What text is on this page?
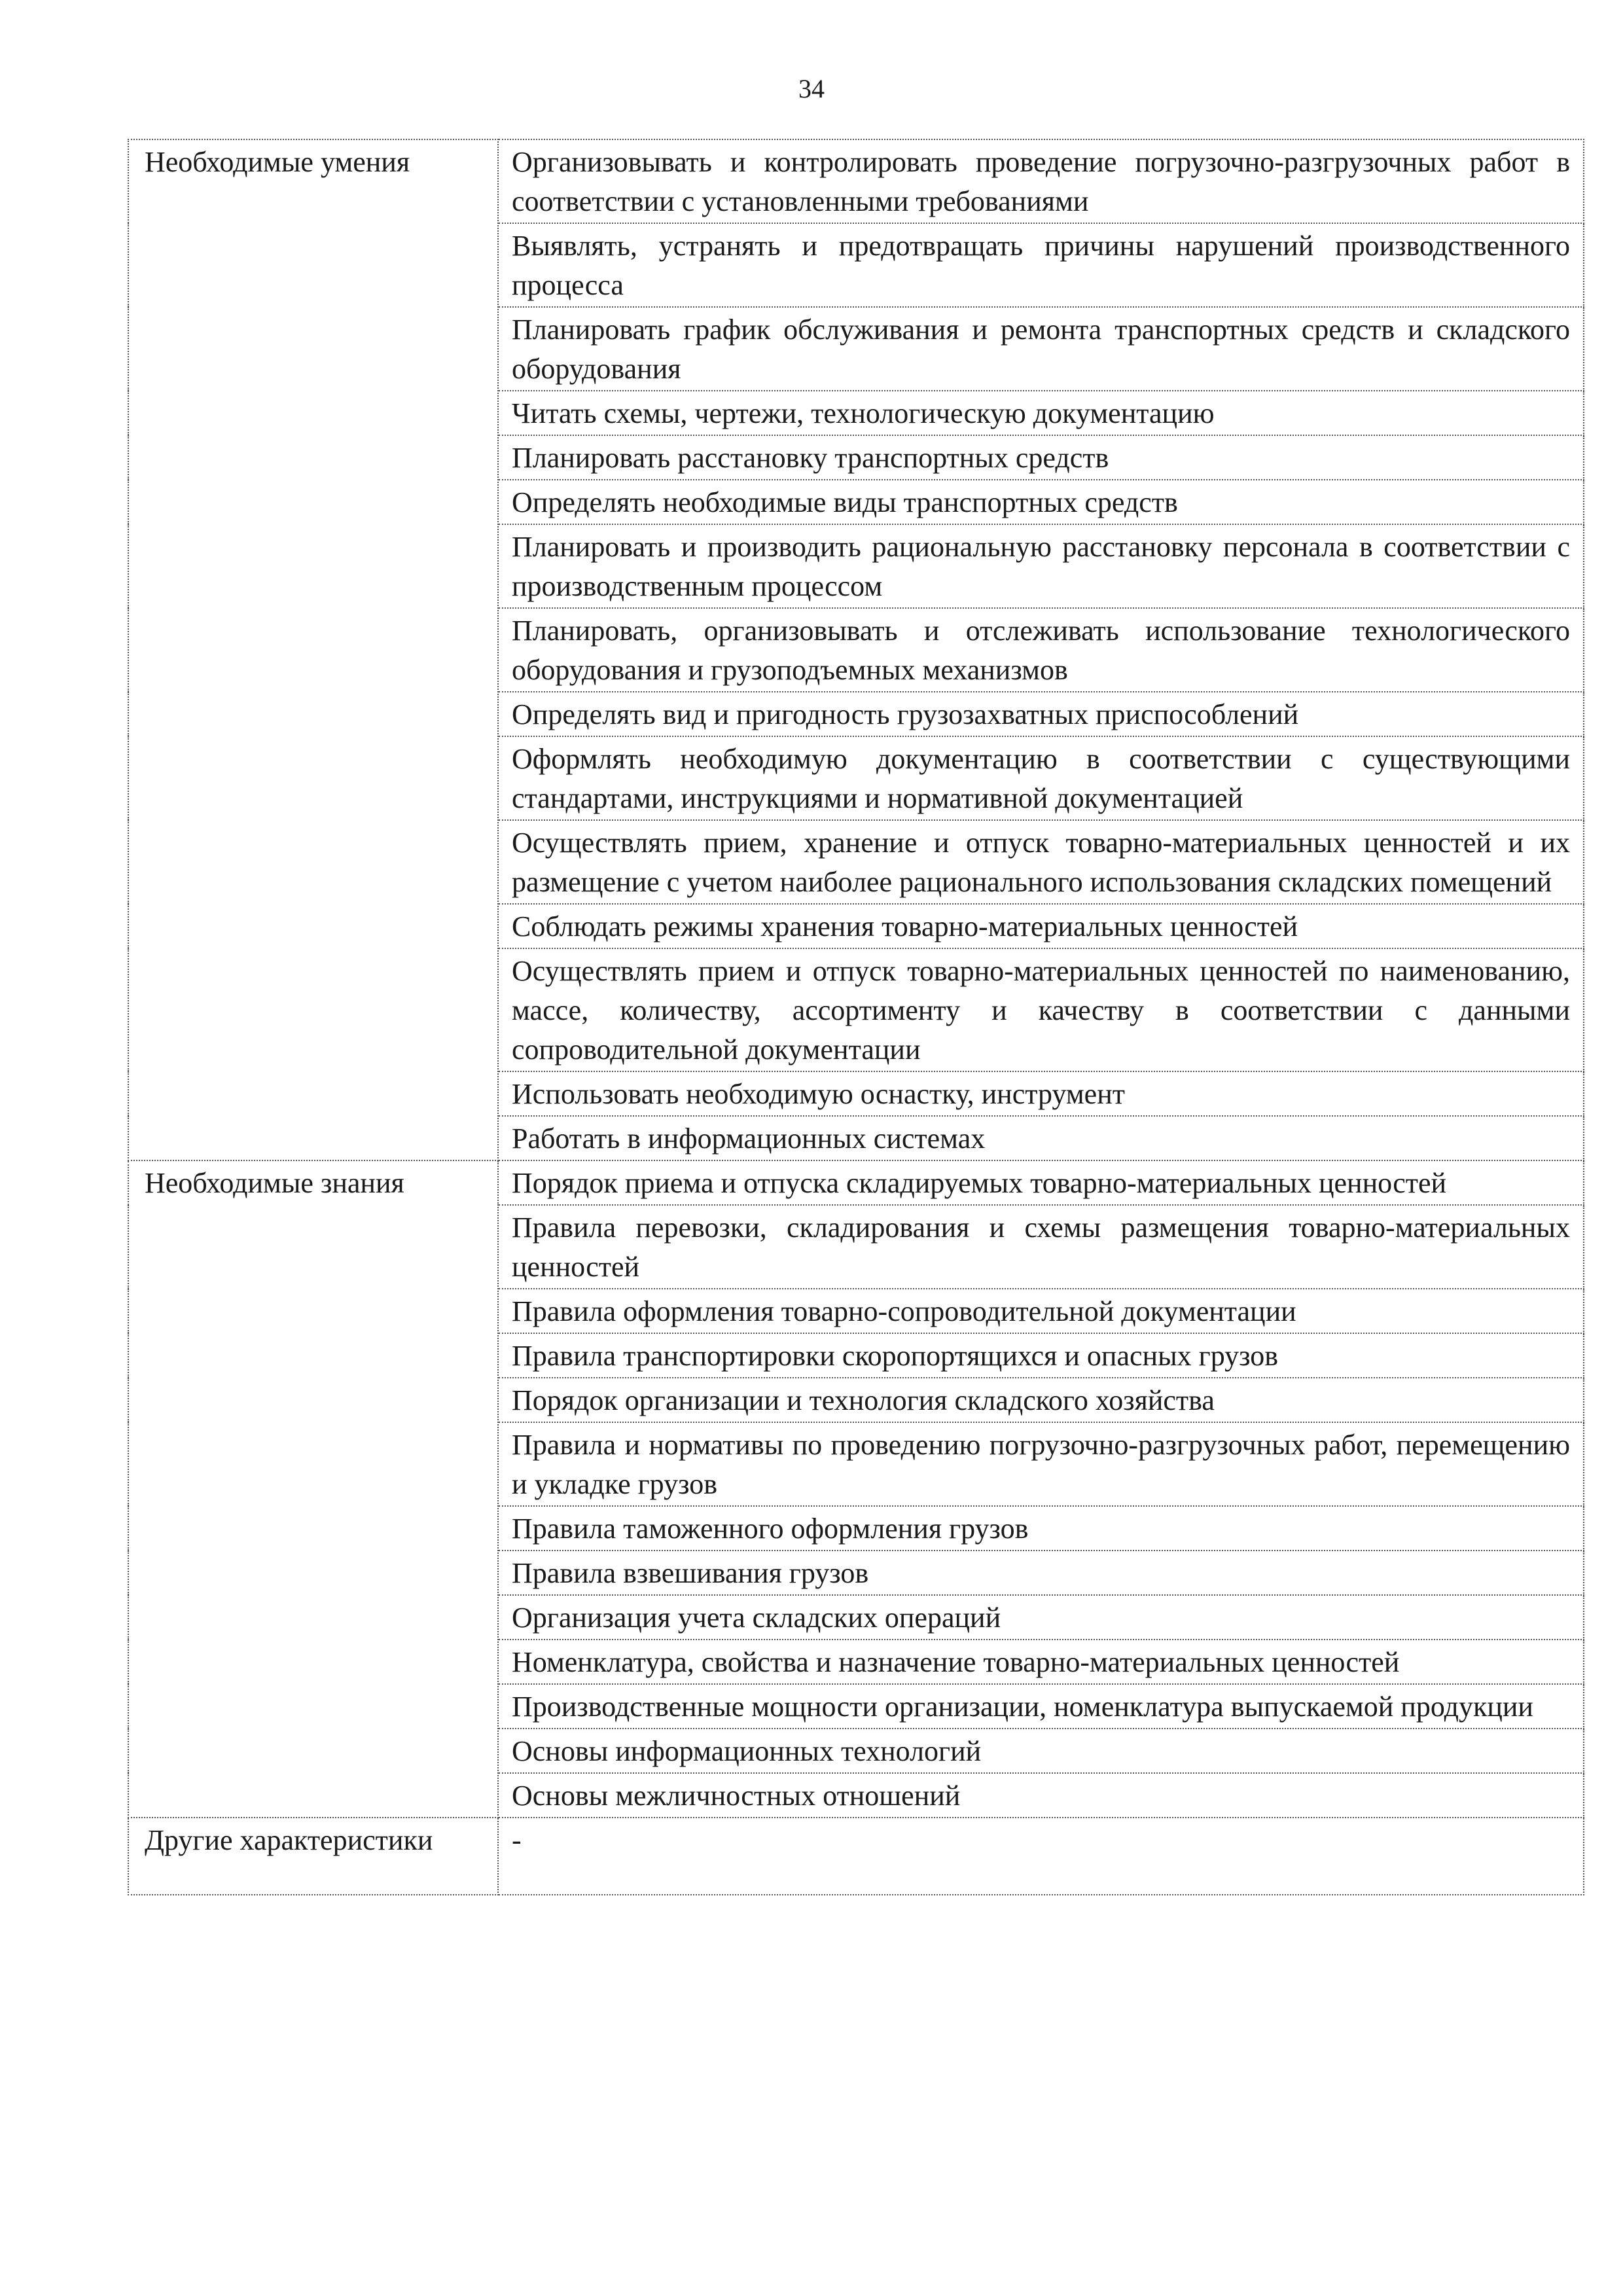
34
Необходимые умения	Организовывать и контролировать проведение погрузочно-разгрузочных работ в соответствии с установленными требованиями
	Выявлять, устранять и предотвращать причины нарушений производственного процесса
	Планировать график обслуживания и ремонта транспортных средств и складского оборудования
	Читать схемы, чертежи, технологическую документацию
	Планировать расстановку транспортных средств
	Определять необходимые виды транспортных средств
	Планировать и производить рациональную расстановку персонала в соответствии с производственным процессом
	Планировать, организовывать и отслеживать использование технологического оборудования и грузоподъемных механизмов
	Определять вид и пригодность грузозахватных приспособлений
	Оформлять необходимую документацию в соответствии с существующими стандартами, инструкциями и нормативной документацией
	Осуществлять прием, хранение и отпуск товарно-материальных ценностей и их размещение с учетом наиболее рационального использования складских помещений
	Соблюдать режимы хранения товарно-материальных ценностей
	Осуществлять прием и отпуск товарно-материальных ценностей по наименованию, массе, количеству, ассортименту и качеству в соответствии с данными сопроводительной документации
	Использовать необходимую оснастку, инструмент
	Работать в информационных системах
Необходимые знания	Порядок приема и отпуска складируемых товарно-материальных ценностей
	Правила перевозки, складирования и схемы размещения товарно-материальных ценностей
	Правила оформления товарно-сопроводительной документации
	Правила транспортировки скоропортящихся и опасных грузов
	Порядок организации и технология складского хозяйства
	Правила и нормативы по проведению погрузочно-разгрузочных работ, перемещению и укладке грузов
	Правила таможенного оформления грузов
	Правила взвешивания грузов
	Организация учета складских операций
	Номенклатура, свойства и назначение товарно-материальных ценностей
	Производственные мощности организации, номенклатура выпускаемой продукции
	Основы информационных технологий
	Основы межличностных отношений
Другие характеристики	-
